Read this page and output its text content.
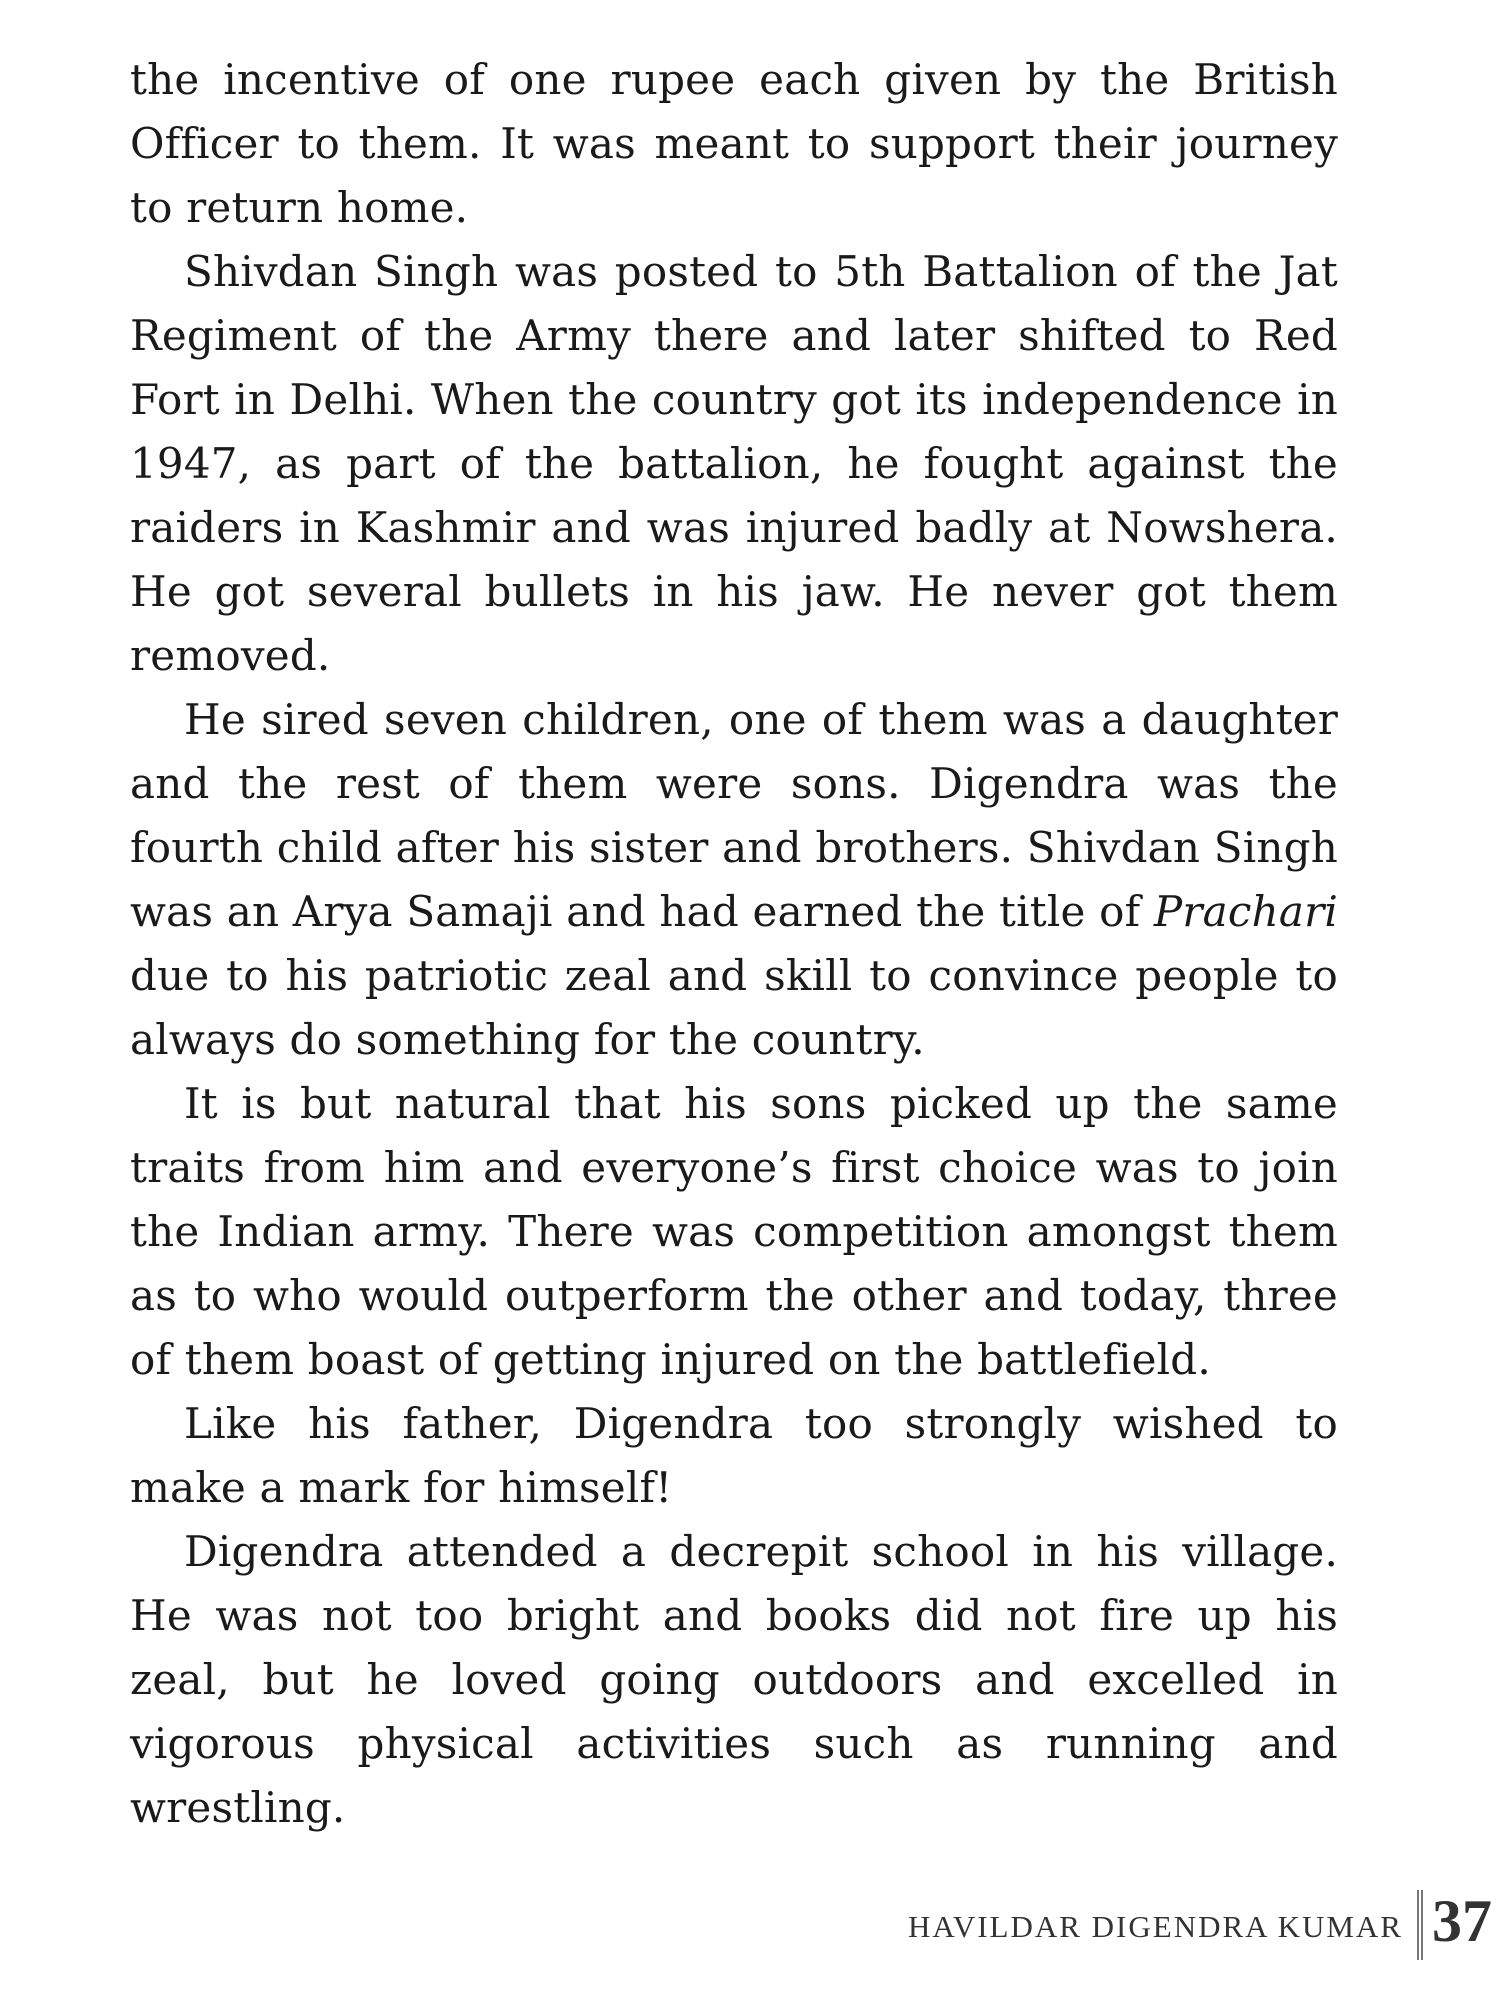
the incentive of one rupee each given by the British Officer to them. It was meant to support their journey to return home.

Shivdan Singh was posted to 5th Battalion of the Jat Regiment of the Army there and later shifted to Red Fort in Delhi. When the country got its independence in 1947, as part of the battalion, he fought against the raiders in Kashmir and was injured badly at Nowshera. He got several bullets in his jaw. He never got them removed.

He sired seven children, one of them was a daughter and the rest of them were sons. Digendra was the fourth child after his sister and brothers. Shivdan Singh was an Arya Samaji and had earned the title of Prachari due to his patriotic zeal and skill to convince people to always do something for the country.

It is but natural that his sons picked up the same traits from him and everyone’s first choice was to join the Indian army. There was competition amongst them as to who would outperform the other and today, three of them boast of getting injured on the battlefield.

Like his father, Digendra too strongly wished to make a mark for himself!

Digendra attended a decrepit school in his village. He was not too bright and books did not fire up his zeal, but he loved going outdoors and excelled in vigorous physical activities such as running and wrestling.

HAVILDAR DIGENDRA KUMAR 37
